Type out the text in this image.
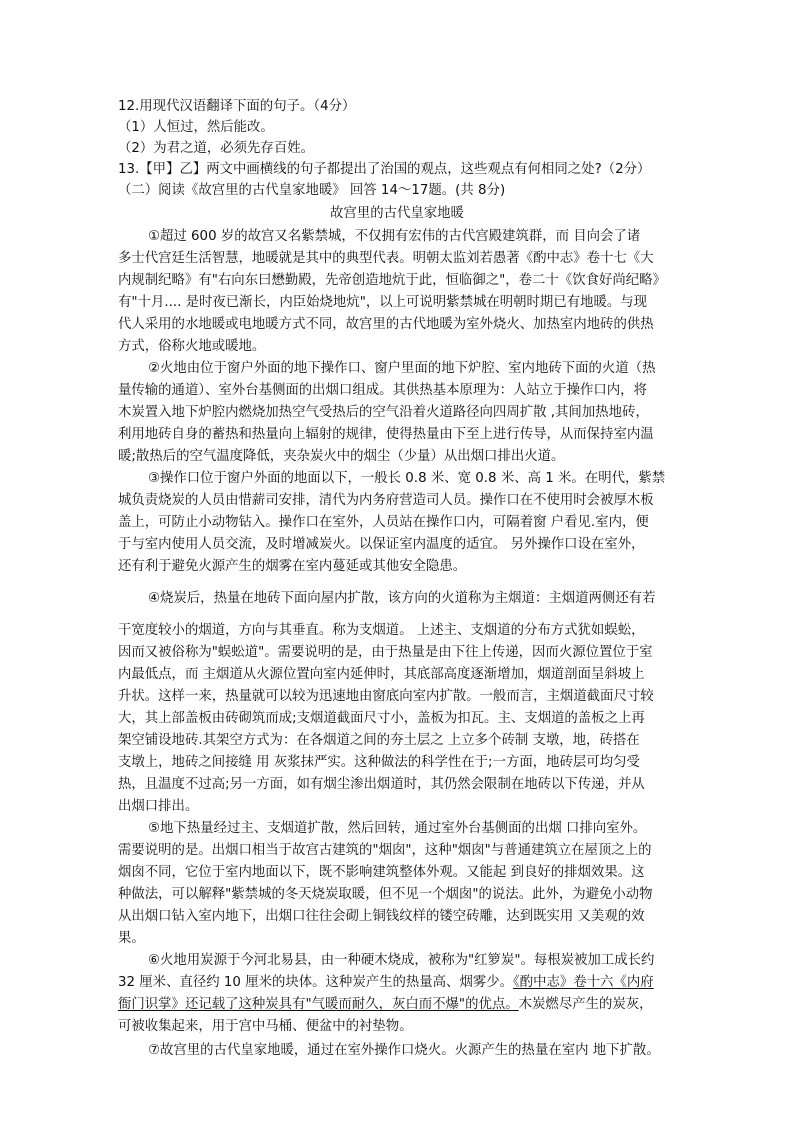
12.用现代汉语翻译下面的句子。（4分）
（1）人恒过，然后能改。
（2）为君之道，必须先存百姓。
13.【甲】乙】两文中画横线的句子都提出了治国的观点，这些观点有何相同之处?（2分）
（二）阅读《故宫里的古代皇家地暖》 回答 14～17题。(共 8分)
故宫里的古代皇家地暖
①超过 600 岁的故宫又名紫禁城，不仅拥有宏伟的古代宫殿建筑群，而 目向会了诸
多士代宫廷生活智慧，地暖就是其中的典型代表。明朝太监刘若愚著《酌中志》卷十七《大
内规制纪略》有"右向东曰懋勤殿，先帝创造地炕于此，恒临御之"，卷二十《饮食好尚纪略》
有"十月.... 是时夜已渐长，内臣始烧地炕"，以上可说明紫禁城在明朝时期已有地暖。与现
代人采用的水地暖或电地暖方式不同，故宫里的古代地暖为室外烧火、加热室内地砖的供热
方式，俗称火地或暖地。
②火地由位于窗户外面的地下操作口、窗户里面的地下炉腔、室内地砖下面的火道（热
量传输的通道）、室外台基侧面的出烟口组成。其供热基本原理为：人站立于操作口内，将
木炭置入地下炉腔内燃烧加热空气受热后的空气沿着火道路径向四周扩散 ,其间加热地砖，
利用地砖自身的蓄热和热量向上辐射的规律，使得热量由下至上进行传导，从而保持室内温
暖;散热后的空气温度降低，夹杂炭火中的烟尘（少量）从出烟口排出火道。
③操作口位于窗户外面的地面以下，一般长 0.8 米、宽 0.8 米、高 1 米。在明代，紫禁
城负责烧炭的人员由惜薪司安排，清代为内务府营造司人员。操作口在不使用时会被厚木板
盖上，可防止小动物钻入。操作口在室外，人员站在操作口内，可隔着窗 户看见.室内，便
于与室内使用人员交流，及时增减炭火。以保证室内温度的适宜。 另外操作口设在室外，
还有利于避免火源产生的烟雾在室内蔓延或其他安全隐患。
④烧炭后，热量在地砖下面向屋内扩散，该方向的火道称为主烟道：主烟道两侧还有若
干宽度较小的烟道，方向与其垂直。称为支烟道。 上述主、支烟道的分布方式犹如蜈蚣，
因而又被俗称为"蜈蚣道"。需要说明的是，由于热量是由下往上传递，因而火源位置位于室
内最低点，而 主烟道从火源位置向室内延伸时，其底部高度逐渐增加，烟道剖面呈斜坡上
升状。这样一来，热量就可以较为迅速地由窗底向室内扩散。一般而言，主烟道截面尺寸较
大，其上部盖板由砖砌筑而成;支烟道截面尺寸小，盖板为扣瓦。主、支烟道的盖板之上再
架空铺设地砖.其架空方式为：在各烟道之间的夯土层之 上立多个砖制 支墩，地，砖搭在
支墩上，地砖之间接缝 用 灰浆抹严实。这种做法的科学性在于;一方面，地砖层可均匀受
热，且温度不过高;另一方面，如有烟尘渗出烟道时，其仍然会限制在地砖以下传递，并从
出烟口排出。
⑤地下热量经过主、支烟道扩散，然后回转，通过室外台基侧面的出烟 口排向室外。
需要说明的是。出烟口相当于故宫古建筑的"烟囱"，这种"烟囱"与普通建筑立在屋顶之上的
烟囱不同，它位于室内地面以下，既不影响建筑整体外观。又能起 到良好的排烟效果。这
种做法，可以解释"紫禁城的冬天烧炭取暖，但不见一个烟囱"的说法。此外，为避免小动物
从出烟口钻入室内地下，出烟口往往会砌上铜钱纹样的镂空砖雕，达到既实用 又美观的效
果。
⑥火地用炭源于今河北易县，由一种硬木烧成，被称为"红箩炭"。每根炭被加工成长约
32 厘米、直径约 10 厘米的块体。这种炭产生的热量高、烟雾少。《酌中志》卷十六《内府
衙门识掌》还记载了这种炭具有"气暖而耐久，灰白而不爆"的优点。木炭燃尽产生的炭灰，
可被收集起来，用于宫中马桶、便盆中的衬垫物。
⑦故宫里的古代皇家地暖，通过在室外操作口烧火。火源产生的热量在室内 地下扩散。
